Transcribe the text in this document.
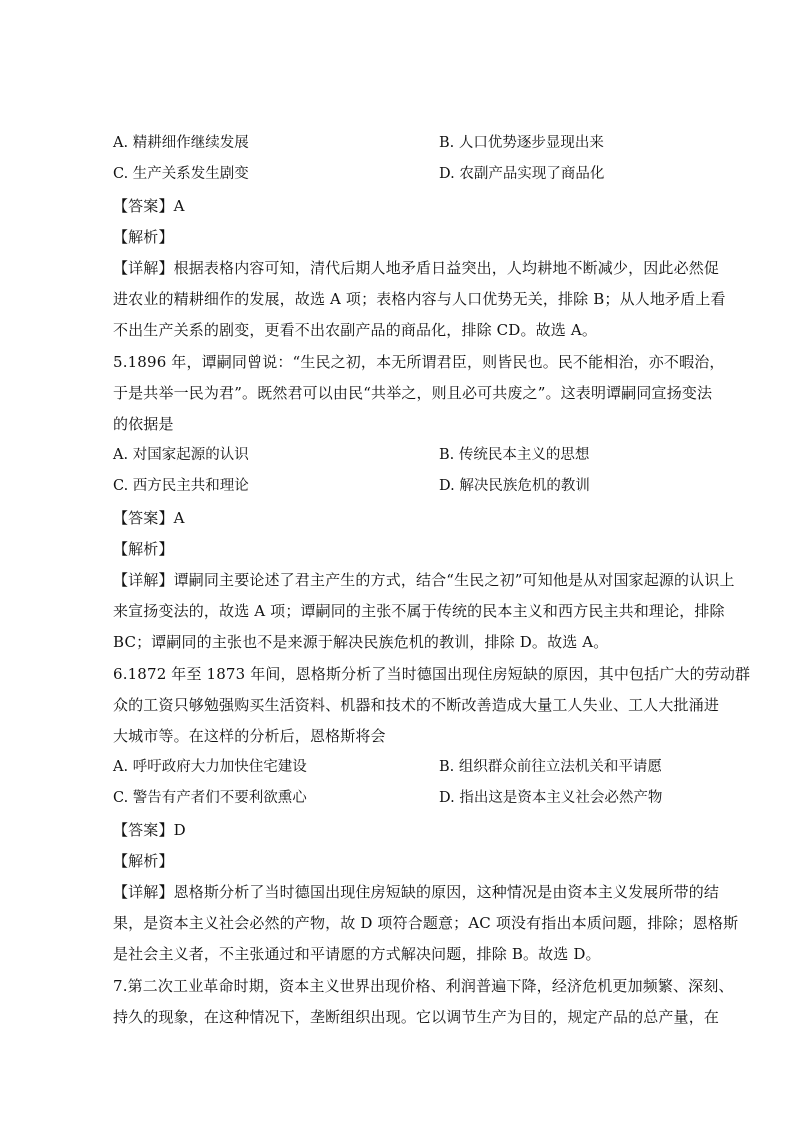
A. 精耕细作继续发展	B. 人口优势逐步显现出来
C. 生产关系发生剧变	D. 农副产品实现了商品化
【答案】A
【解析】
【详解】根据表格内容可知，清代后期人地矛盾日益突出，人均耕地不断减少，因此必然促
进农业的精耕细作的发展，故选 A 项；表格内容与人口优势无关，排除 B；从人地矛盾上看
不出生产关系的剧变，更看不出农副产品的商品化，排除 CD。故选 A。
5.1896 年，谭嗣同曾说：“生民之初，本无所谓君臣，则皆民也。民不能相治，亦不暇治，
于是共举一民为君”。既然君可以由民“共举之，则且必可共废之”。这表明谭嗣同宣扬变法
的依据是
A. 对国家起源的认识	B. 传统民本主义的思想
C. 西方民主共和理论	D. 解决民族危机的教训
【答案】A
【解析】
【详解】谭嗣同主要论述了君主产生的方式，结合“生民之初”可知他是从对国家起源的认识上
来宣扬变法的，故选 A 项；谭嗣同的主张不属于传统的民本主义和西方民主共和理论，排除
BC；谭嗣同的主张也不是来源于解决民族危机的教训，排除 D。故选 A。
6.1872 年至 1873 年间，恩格斯分析了当时德国出现住房短缺的原因，其中包括广大的劳动群
众的工资只够勉强购买生活资料、机器和技术的不断改善造成大量工人失业、工人大批涌进
大城市等。在这样的分析后，恩格斯将会
A. 呼吁政府大力加快住宅建设	B. 组织群众前往立法机关和平请愿
C. 警告有产者们不要利欲熏心	D. 指出这是资本主义社会必然产物
【答案】D
【解析】
【详解】恩格斯分析了当时德国出现住房短缺的原因，这种情况是由资本主义发展所带的结
果，是资本主义社会必然的产物，故 D 项符合题意；AC 项没有指出本质问题，排除；恩格斯
是社会主义者，不主张通过和平请愿的方式解决问题，排除 B。故选 D。
7.第二次工业革命时期，资本主义世界出现价格、利润普遍下降，经济危机更加频繁、深刻、
持久的现象，在这种情况下，垄断组织出现。它以调节生产为目的，规定产品的总产量，在
